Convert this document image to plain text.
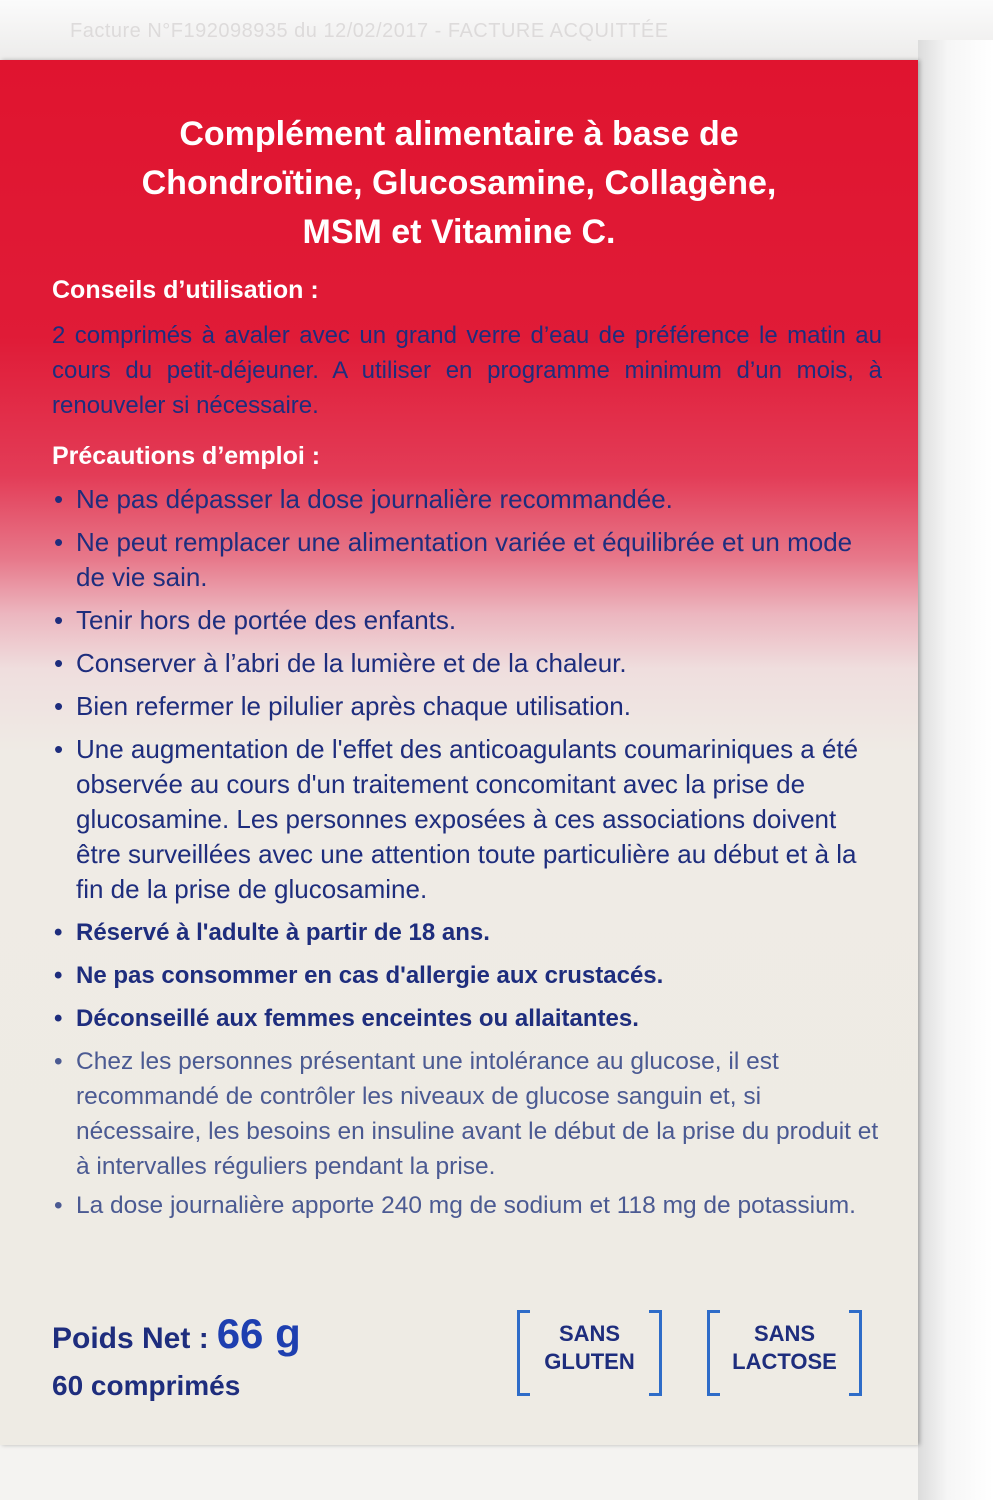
Facture N°F192098935 du 12/02/2017 - FACTURE ACQUITTÉE
Complément alimentaire à base de
Chondroïtine, Glucosamine, Collagène,
MSM et Vitamine C.
Conseils d’utilisation :
2 comprimés à avaler avec un grand verre d’eau de préférence le matin au cours du petit-déjeuner. A utiliser en programme minimum d’un mois, à renouveler si nécessaire.
Précautions d’emploi :
• Ne pas dépasser la dose journalière recommandée.
• Ne peut remplacer une alimentation variée et équilibrée et un mode de vie sain.
• Tenir hors de portée des enfants.
• Conserver à l’abri de la lumière et de la chaleur.
• Bien refermer le pilulier après chaque utilisation.
• Une augmentation de l'effet des anticoagulants coumariniques a été observée au cours d'un traitement concomitant avec la prise de glucosamine. Les personnes exposées à ces associations doivent être surveillées avec une attention toute particulière au début et à la fin de la prise de glucosamine.
• Réservé à l'adulte à partir de 18 ans.
• Ne pas consommer en cas d'allergie aux crustacés.
• Déconseillé aux femmes enceintes ou allaitantes.
• Chez les personnes présentant une intolérance au glucose, il est recommandé de contrôler les niveaux de glucose sanguin et, si nécessaire, les besoins en insuline avant le début de la prise du produit et à intervalles réguliers pendant la prise.
• La dose journalière apporte 240 mg de sodium et 118 mg de potassium.
Poids Net : 66 g
60 comprimés
SANS
GLUTEN
SANS
LACTOSE
